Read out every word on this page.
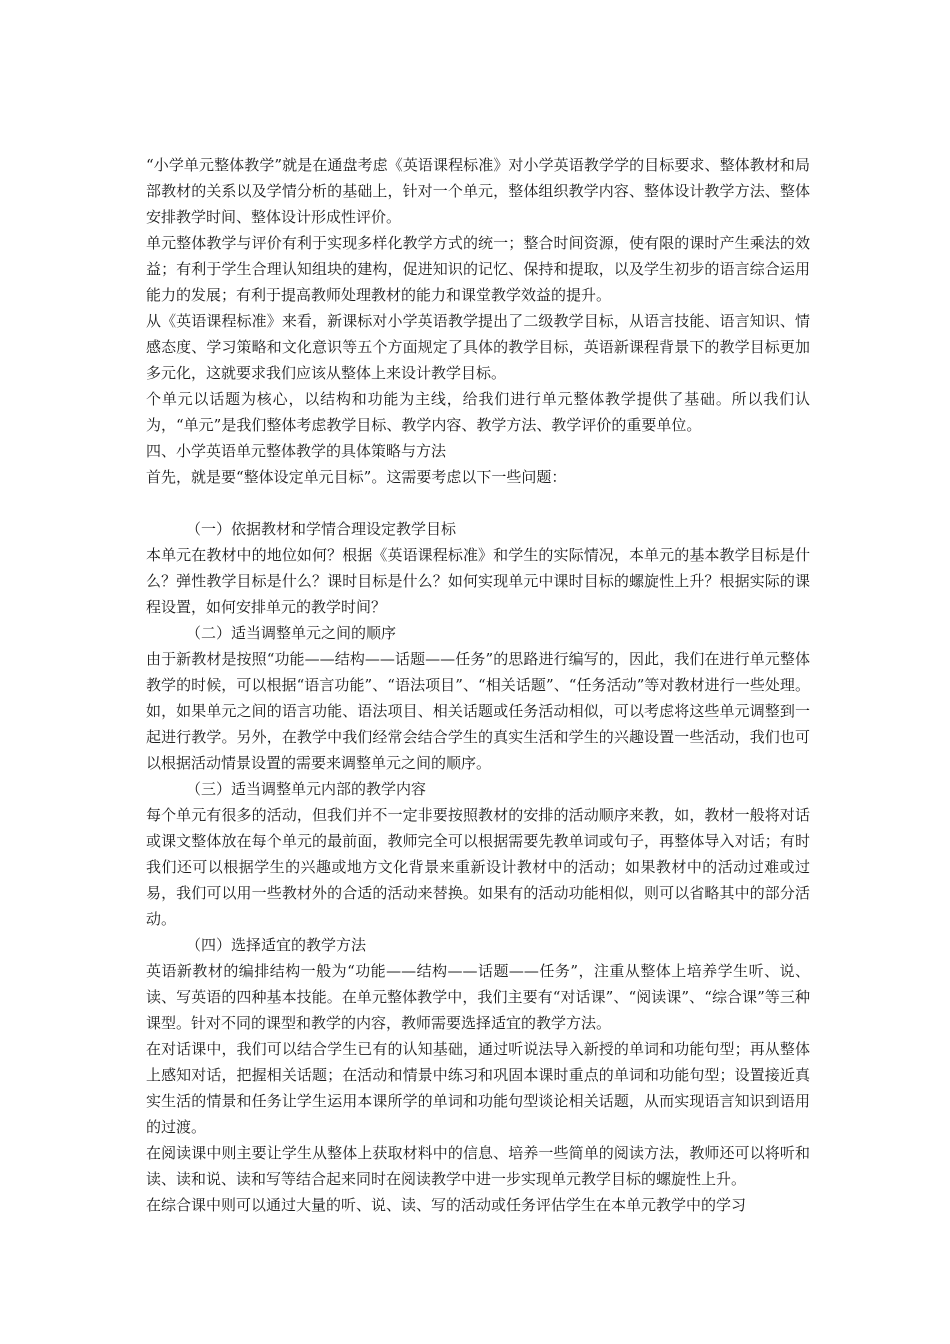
“小学单元整体教学”就是在通盘考虑《英语课程标准》对小学英语教学学的目标要求、整体教材和局部教材的关系以及学情分析的基础上，针对一个单元，整体组织教学内容、整体设计教学方法、整体安排教学时间、整体设计形成性评价。

单元整体教学与评价有利于实现多样化教学方式的统一；整合时间资源，使有限的课时产生乘法的效益；有利于学生合理认知组块的建构，促进知识的记忆、保持和提取，以及学生初步的语言综合运用能力的发展；有利于提高教师处理教材的能力和课堂教学效益的提升。

从《英语课程标准》来看，新课标对小学英语教学提出了二级教学目标，从语言技能、语言知识、情感态度、学习策略和文化意识等五个方面规定了具体的教学目标，英语新课程背景下的教学目标更加多元化，这就要求我们应该从整体上来设计教学目标。

个单元以话题为核心，以结构和功能为主线，给我们进行单元整体教学提供了基础。所以我们认为，“单元”是我们整体考虑教学目标、教学内容、教学方法、教学评价的重要单位。

四、小学英语单元整体教学的具体策略与方法

首先，就是要“整体设定单元目标”。这需要考虑以下一些问题：

（一）依据教材和学情合理设定教学目标

本单元在教材中的地位如何？根据《英语课程标准》和学生的实际情况，本单元的基本教学目标是什么？弹性教学目标是什么？课时目标是什么？如何实现单元中课时目标的螺旋性上升？根据实际的课程设置，如何安排单元的教学时间？

（二）适当调整单元之间的顺序

由于新教材是按照“功能——结构——话题——任务”的思路进行编写的，因此，我们在进行单元整体教学的时候，可以根据“语言功能”、“语法项目”、“相关话题”、“任务活动”等对教材进行一些处理。如，如果单元之间的语言功能、语法项目、相关话题或任务活动相似，可以考虑将这些单元调整到一起进行教学。另外，在教学中我们经常会结合学生的真实生活和学生的兴趣设置一些活动，我们也可以根据活动情景设置的需要来调整单元之间的顺序。

（三）适当调整单元内部的教学内容

每个单元有很多的活动，但我们并不一定非要按照教材的安排的活动顺序来教，如，教材一般将对话或课文整体放在每个单元的最前面，教师完全可以根据需要先教单词或句子，再整体导入对话；有时我们还可以根据学生的兴趣或地方文化背景来重新设计教材中的活动；如果教材中的活动过难或过易，我们可以用一些教材外的合适的活动来替换。如果有的活动功能相似，则可以省略其中的部分活动。

（四）选择适宜的教学方法

英语新教材的编排结构一般为“功能——结构——话题——任务”，注重从整体上培养学生听、说、读、写英语的四种基本技能。在单元整体教学中，我们主要有“对话课”、“阅读课”、“综合课”等三种课型。针对不同的课型和教学的内容，教师需要选择适宜的教学方法。

在对话课中，我们可以结合学生已有的认知基础，通过听说法导入新授的单词和功能句型；再从整体上感知对话，把握相关话题；在活动和情景中练习和巩固本课时重点的单词和功能句型；设置接近真实生活的情景和任务让学生运用本课所学的单词和功能句型谈论相关话题，从而实现语言知识到语用的过渡。

在阅读课中则主要让学生从整体上获取材料中的信息、培养一些简单的阅读方法，教师还可以将听和读、读和说、读和写等结合起来同时在阅读教学中进一步实现单元教学目标的螺旋性上升。

在综合课中则可以通过大量的听、说、读、写的活动或任务评估学生在本单元教学中的学习
